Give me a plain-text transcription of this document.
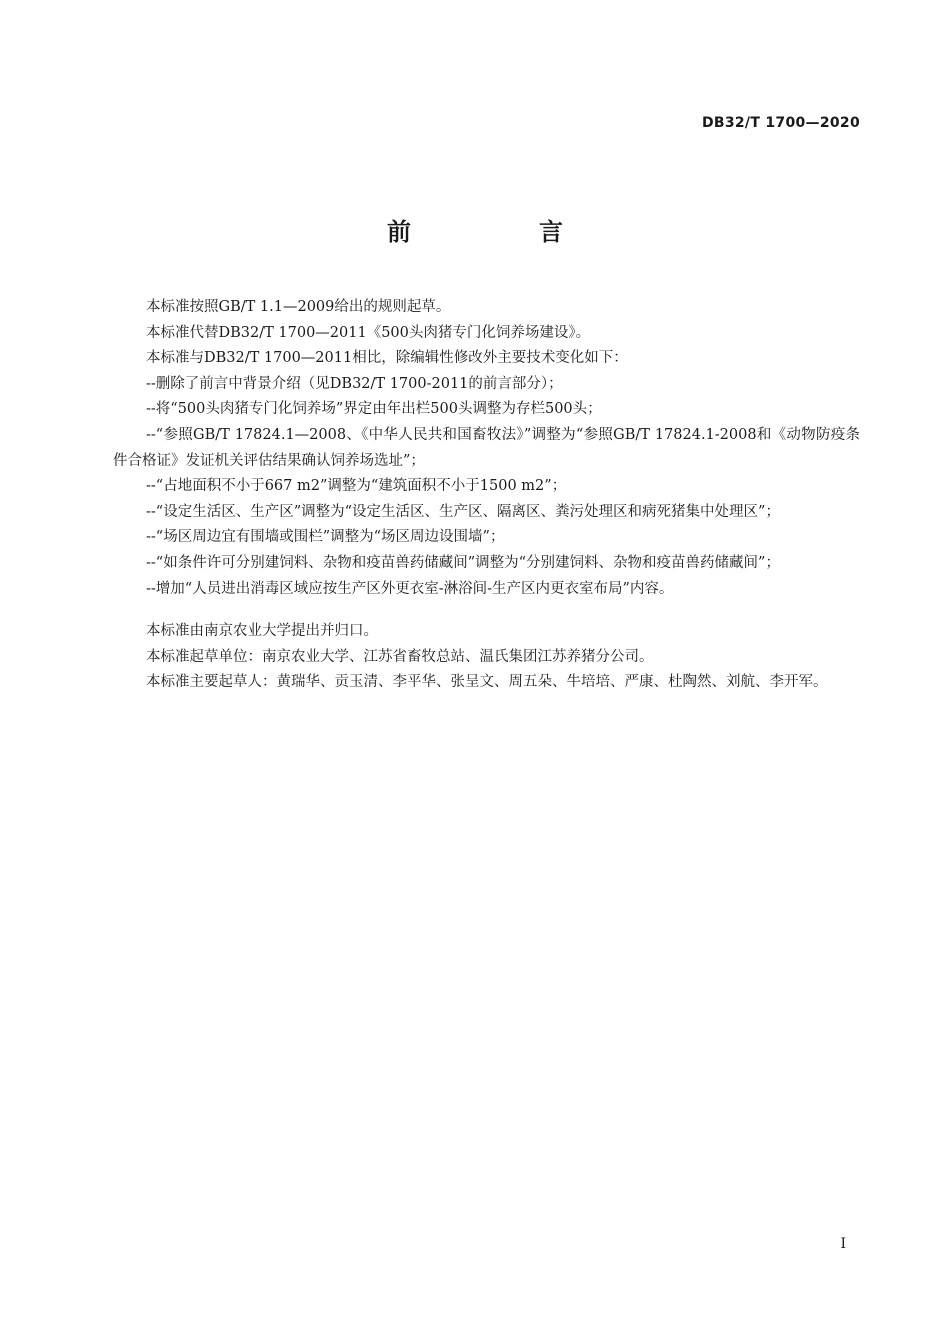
DB32/T 1700—2020
前　言

本标准按照GB/T 1.1—2009给出的规则起草。

本标准代替DB32/T 1700—2011《500头肉猪专门化饲养场建设》。

本标准与DB32/T 1700—2011相比，除编辑性修改外主要技术变化如下：

--删除了前言中背景介绍（见DB32/T 1700-2011的前言部分）；

--将“500头肉猪专门化饲养场”界定由年出栏500头调整为存栏500头；

--“参照GB/T 17824.1—2008、《中华人民共和国畜牧法》”调整为“参照GB/T 17824.1-2008和《动物防疫条件合格证》发证机关评估结果确认饲养场选址”；

--“占地面积不小于667 m2”调整为“建筑面积不小于1500 m2”；

--“设定生活区、生产区”调整为“设定生活区、生产区、隔离区、粪污处理区和病死猪集中处理区”；

--“场区周边宜有围墙或围栏”调整为“场区周边设围墙”；

--“如条件许可分别建饲料、杂物和疫苗兽药储藏间”调整为“分别建饲料、杂物和疫苗兽药储藏间”；

--增加“人员进出消毒区域应按生产区外更衣室-淋浴间-生产区内更衣室布局”内容。

本标准由南京农业大学提出并归口。

本标准起草单位：南京农业大学、江苏省畜牧总站、温氏集团江苏养猪分公司。

本标准主要起草人：黄瑞华、贡玉清、李平华、张呈文、周五朵、牛培培、严康、杜陶然、刘航、李开军。

I
